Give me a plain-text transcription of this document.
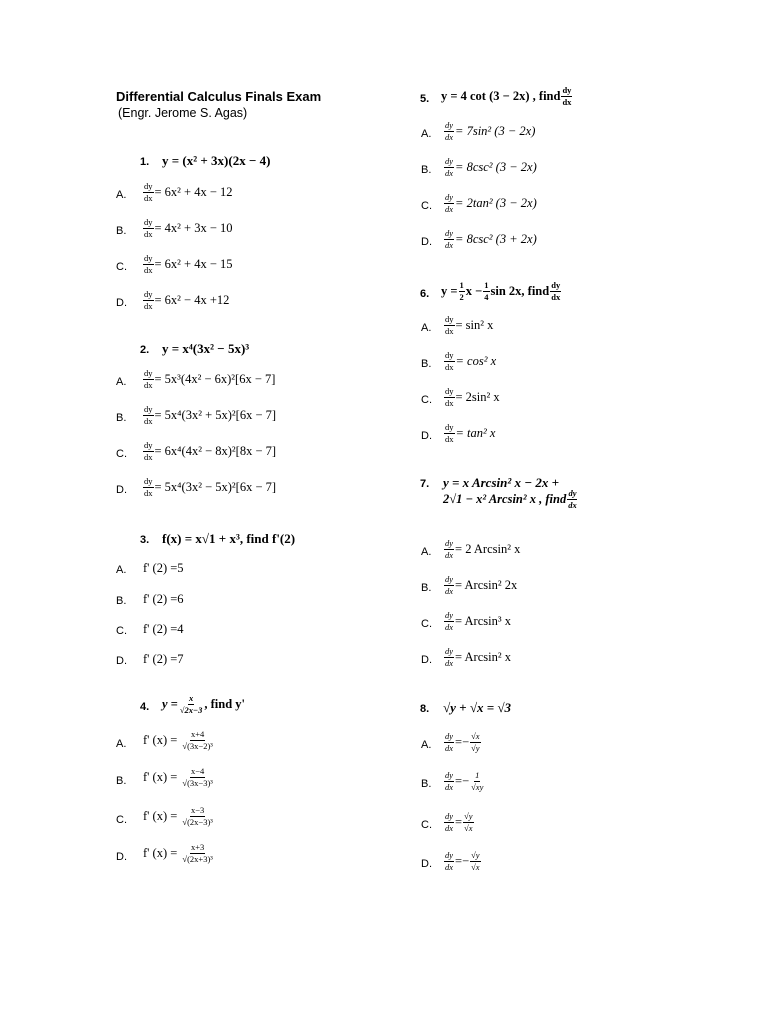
Differential Calculus Finals Exam
(Engr. Jerome S. Agas)
1. y = (x² + 3x)(2x − 4)
A. $\frac{dy}{dx} = 6x^2 + 4x - 12$
B. $\frac{dy}{dx} = 4x^2 + 3x - 10$
C. $\frac{dy}{dx} = 6x^2 + 4x - 15$
D. $\frac{dy}{dx} = 6x^2 - 4x +12$
2. y = x⁴(3x² − 5x)³
A. $\frac{dy}{dx} = 5x^3(4x^2 - 6x)^2[6x - 7]$
B. $\frac{dy}{dx} = 5x^4(3x^2 + 5x)^2[6x - 7]$
C. $\frac{dy}{dx} = 6x^4(4x^2 - 8x)^2[8x - 7]$
D. $\frac{dy}{dx} = 5x^4(3x^2 - 5x)^2[6x - 7]$
3. f(x) = x√1 + x³, find f'(2)
A. f' (2) =5
B. f' (2) =6
C. f' (2) =4
D. f' (2) =7
4. $y = \frac{x}{√2x-3}$ , find y'
A. f' (x) =
$\frac{x+4}{\text{√(3x−2)³}}$
B. f' (x) =
$\frac{x-4}{\text{√(3x−3)³}}$
C. f' (x) =
$\frac{x-3}{\text{√(2x−3)³}}$
D. f' (x) =
$\frac{x+3}{\text{√(2x+3)³}}$
5. y = 4 cot (3 − 2x) , find $\frac{dy}{dx}$
A. $\frac{dy}{dx} = 7\sin^2$ (3 − 2x)
B. $\frac{dy}{dx} = 8\csc^2$ (3 − 2x)
C. $\frac{dy}{dx} = 2\tan^2$ (3 − 2x)
D. $\frac{dy}{dx} = 8\csc^2$ (3 + 2x)
6. $y = \frac{1}{2}$ $x - \frac{1}{4}$ sin 2x, find $\frac{dy}{dx}$
A. $\frac{dy}{dx} = \sin^2$ x
B. $\frac{dy}{dx} = \cos^2$ x
C. $\frac{dy}{dx} = 2\sin^2$ x
D. $\frac{dy}{dx} = \tan^2$ x
7. y = x Arcsin² x − 2x +
2√1 − x² Arcsin² x , find $\frac{dy}{dx}$
A. $\frac{dy}{dx} = 2$ Arcsin² x
B. $\frac{dy}{dx} = Arcsin^2$ 2x
C. $\frac{dy}{dx} = Arcsin^3$ x
D. $\frac{dy}{dx} = Arcsin^2$ x
8. √y + √x = √3
A. $\frac{dy}{dx} =- \frac{√x}{√y}$
B. $\frac{dy}{dx} =- \frac{1}{√xy}$
C. $\frac{dy}{dx} = \frac{√y}{√x}$
D. $\frac{dy}{dx} =- \frac{√y}{√x}$
